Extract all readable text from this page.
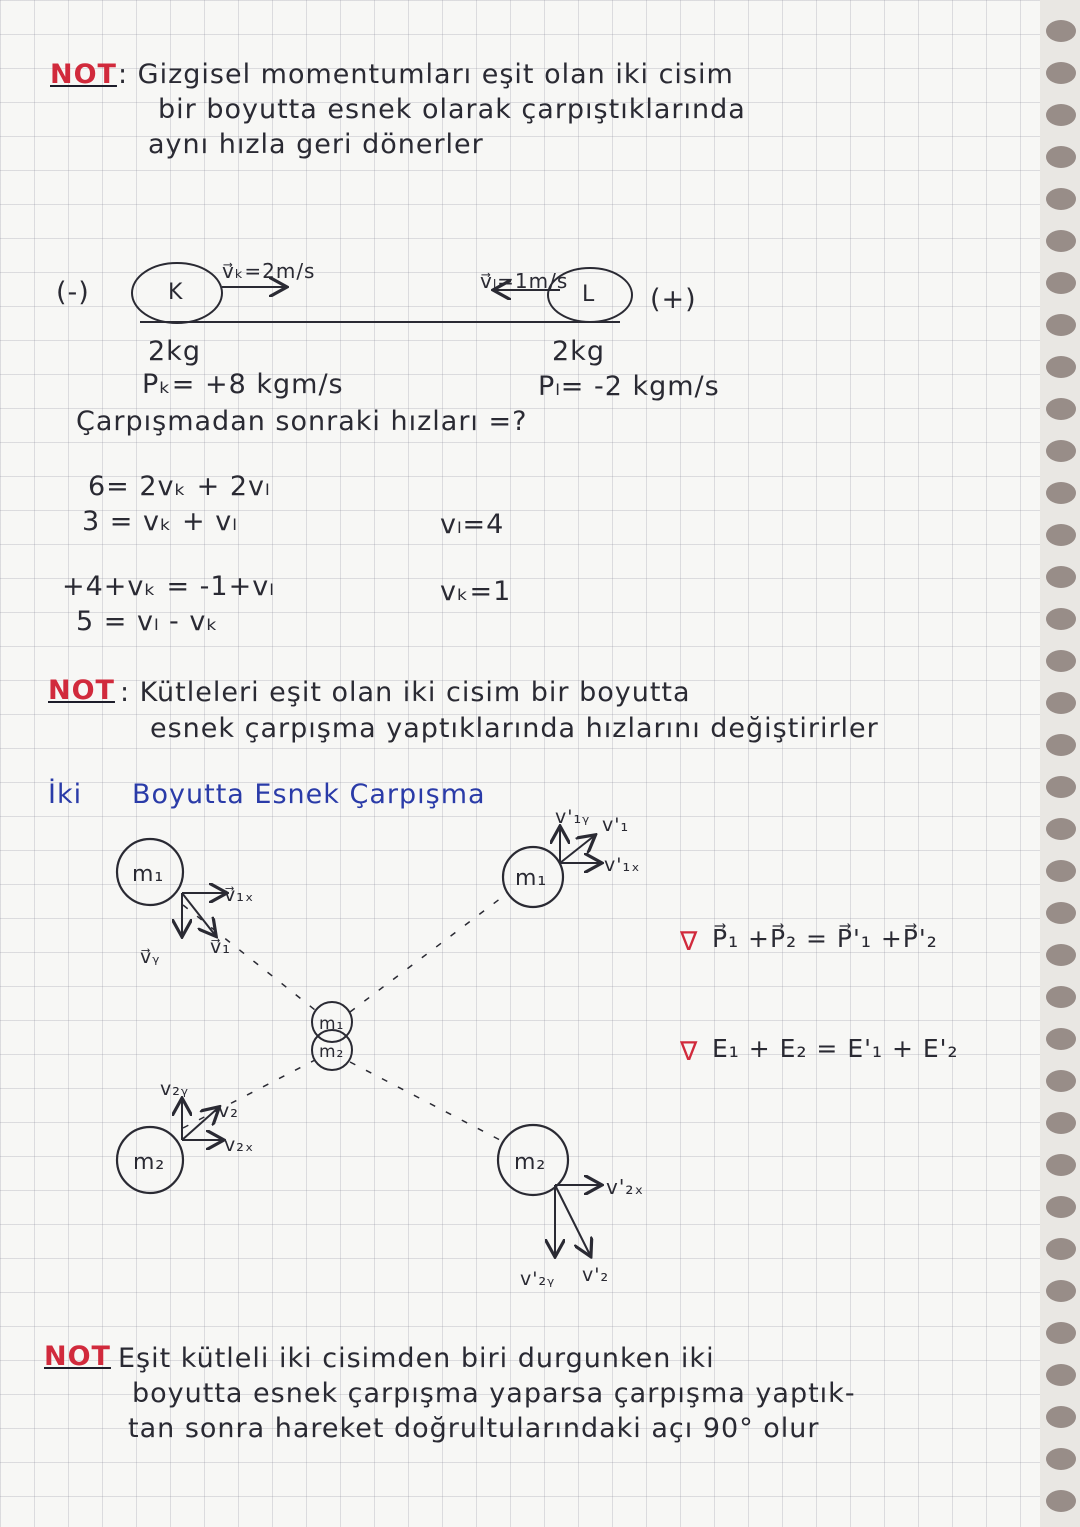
NOT : Gizgisel momentumları eşit olan iki cisim
bir boyutta esnek olarak çarpıştıklarında
aynı hızla geri dönerler
(-)	(+)
K	L
v⃗ₖ=2m/s	v⃗ₗ=1m/s
2kg	2kg
Pₖ= +8 kgm/s	Pₗ= -2 kgm/s
Çarpışmadan sonraki hızları =?
6= 2vₖ + 2vₗ
3 = vₖ + vₗ
+4+vₖ = -1+vₗ
5 = vₗ - vₖ
vₗ=4
vₖ=1
NOT : Kütleleri eşit olan iki cisim bir boyutta
esnek çarpışma yaptıklarında hızlarını değiştirirler
İki Boyutta Esnek Çarpışma
∇
∇
m₁
m₂
m₁
m₂
m₁
m₂
v⃗₁ₓ
v⃗₁
v⃗ᵧ
v₂ᵧ
v₂
v₂ₓ
v'₁ᵧ v'₁
v'₁ₓ
v'₂ₓ
v'₂ᵧ v'₂
P⃗₁ +P⃗₂ = P⃗'₁ +P⃗'₂
E₁ + E₂ = E'₁ + E'₂
NOT Eşit kütleli iki cisimden biri durgunken iki
boyutta esnek çarpışma yaparsa çarpışma yaptık-
tan sonra hareket doğrultularındaki açı 90° olur
